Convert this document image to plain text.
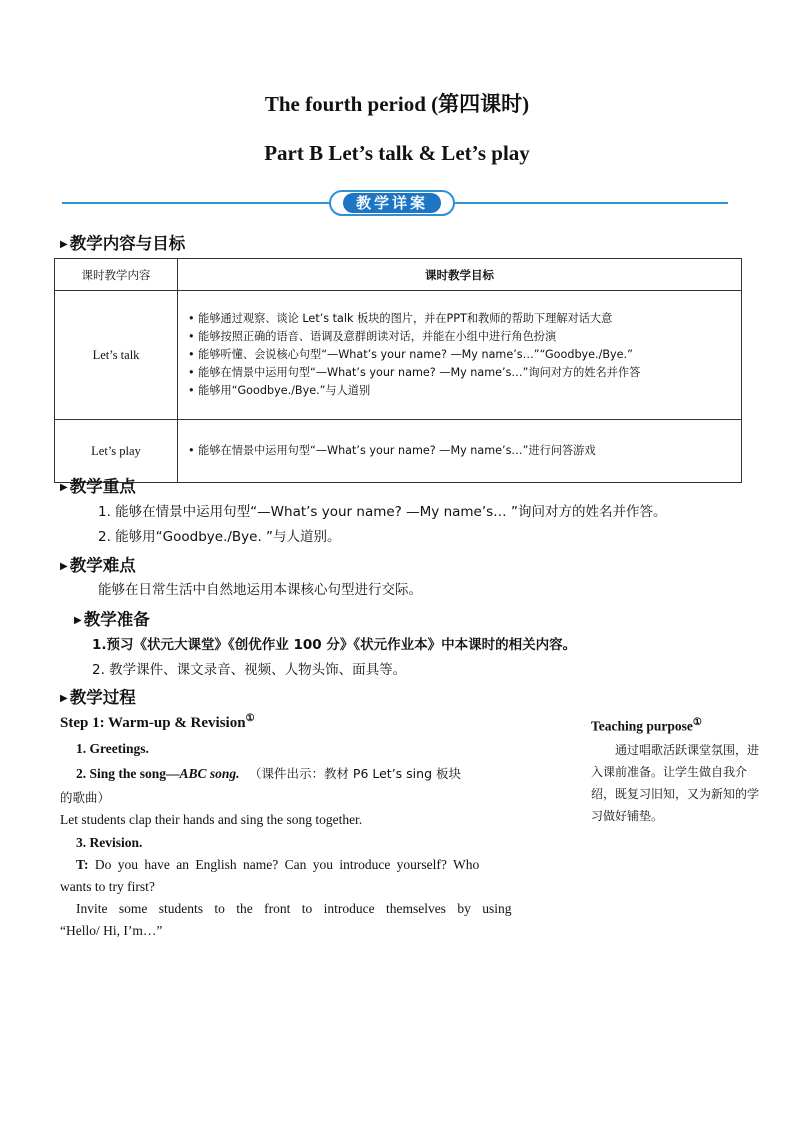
The fourth period (第四课时)
Part B Let’s talk & Let’s play
教学详案
▶ 教学内容与目标
课时教学内容	课时教学目标
Let’s talk	• 能够通过观察、谈论 Let’s talk 板块的图片，并在PPT和教师的帮助下理解对话大意
• 能够按照正确的语音、语调及意群朗读对话，并能在小组中进行角色扮演
• 能够听懂、会说核心句型“—What’s your name? —My name’s…”“Goodbye./Bye.”
• 能够在情景中运用句型“—What’s your name? —My name’s…”询问对方的姓名并作答
• 能够用“Goodbye./Bye.”与人道别

Let’s play	• 能够在情景中运用句型“—What’s your name? —My name’s…”进行问答游戏
▶ 教学重点
1. 能够在情景中运用句型“—What’s your name? —My name’s… ”询问对方的姓名并作答。
2. 能够用“Goodbye./Bye. ”与人道别。
▶ 教学难点
能够在日常生活中自然地运用本课核心句型进行交际。
▶ 教学准备
1.预习《状元大课堂》《创优作业 100 分》《状元作业本》中本课时的相关内容。
2. 教学课件、课文录音、视频、人物头饰、面具等。
▶ 教学过程
Step 1: Warm-up & Revision①
1. Greetings.
2. Sing the song—ABC song. （课件出示：教材 P6 Let’s sing 板块
的歌曲）
Let students clap their hands and sing the song together.
3. Revision.
T: Do you have an English name? Can you introduce yourself? Who
wants to try first?
Invite some students to the front to introduce themselves by using
“Hello/ Hi, I’m…”
Teaching purpose①
通过唱歌活跃课堂氛围，进入课前准备。让学生做自我介绍，既复习旧知，又为新知的学习做好铺垫。
